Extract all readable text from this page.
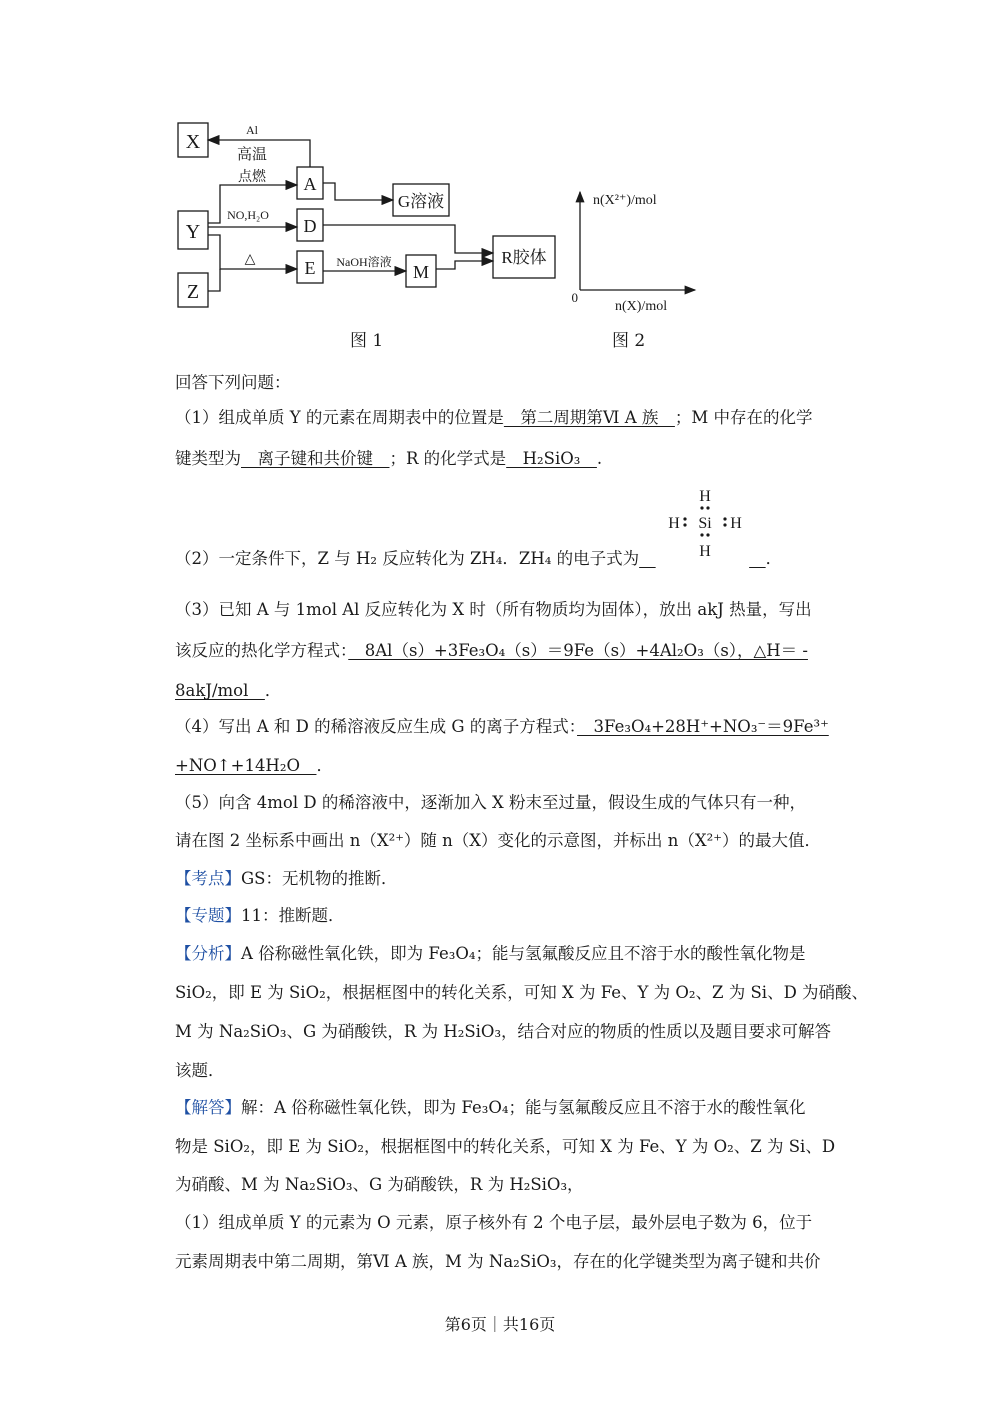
X
Y
Z
A
D
E	M
G溶液
R胶体
Al
高温
点燃
NO,H₂O
△	NaOH溶液
图 1
n(X²⁺)/mol
n(X)/mol
0
图 2
H
H
H	H
Si
回答下列问题：
（1）组成单质 Y 的元素在周期表中的位置是　第二周期第Ⅵ A 族　；M 中存在的化学
键类型为　离子键和共价键　；R 的化学式是　H₂SiO₃　.
（2）一定条件下，Z 与 H₂ 反应转化为 ZH₄．ZH₄ 的电子式为　　	．
（3）已知 A 与 1mol Al 反应转化为 X 时（所有物质均为固体），放出 akJ 热量，写出
该反应的热化学方程式：　8Al（s）+3Fe₃O₄（s）＝9Fe（s）+4Al₂O₃（s），△H＝ -
8akJ/mol　．
（4）写出 A 和 D 的稀溶液反应生成 G 的离子方程式：　3Fe₃O₄+28H⁺+NO₃⁻＝9Fe³⁺
+NO↑+14H₂O　．
（5）向含 4mol D 的稀溶液中，逐渐加入 X 粉末至过量，假设生成的气体只有一种，
请在图 2 坐标系中画出 n（X²⁺）随 n（X）变化的示意图，并标出 n（X²⁺）的最大值．
【考点】GS：无机物的推断．
【专题】11：推断题．
【分析】A 俗称磁性氧化铁，即为 Fe₃O₄；能与氢氟酸反应且不溶于水的酸性氧化物是
SiO₂，即 E 为 SiO₂，根据框图中的转化关系，可知 X 为 Fe、Y 为 O₂、Z 为 Si、D 为硝酸、
M 为 Na₂SiO₃、G 为硝酸铁，R 为 H₂SiO₃，结合对应的物质的性质以及题目要求可解答
该题．
【解答】解：A 俗称磁性氧化铁，即为 Fe₃O₄；能与氢氟酸反应且不溶于水的酸性氧化
物是 SiO₂，即 E 为 SiO₂，根据框图中的转化关系，可知 X 为 Fe、Y 为 O₂、Z 为 Si、D
为硝酸、M 为 Na₂SiO₃、G 为硝酸铁，R 为 H₂SiO₃，
（1）组成单质 Y 的元素为 O 元素，原子核外有 2 个电子层，最外层电子数为 6，位于
元素周期表中第二周期，第Ⅵ A 族，M 为 Na₂SiO₃，存在的化学键类型为离子键和共价
第6页｜共16页
